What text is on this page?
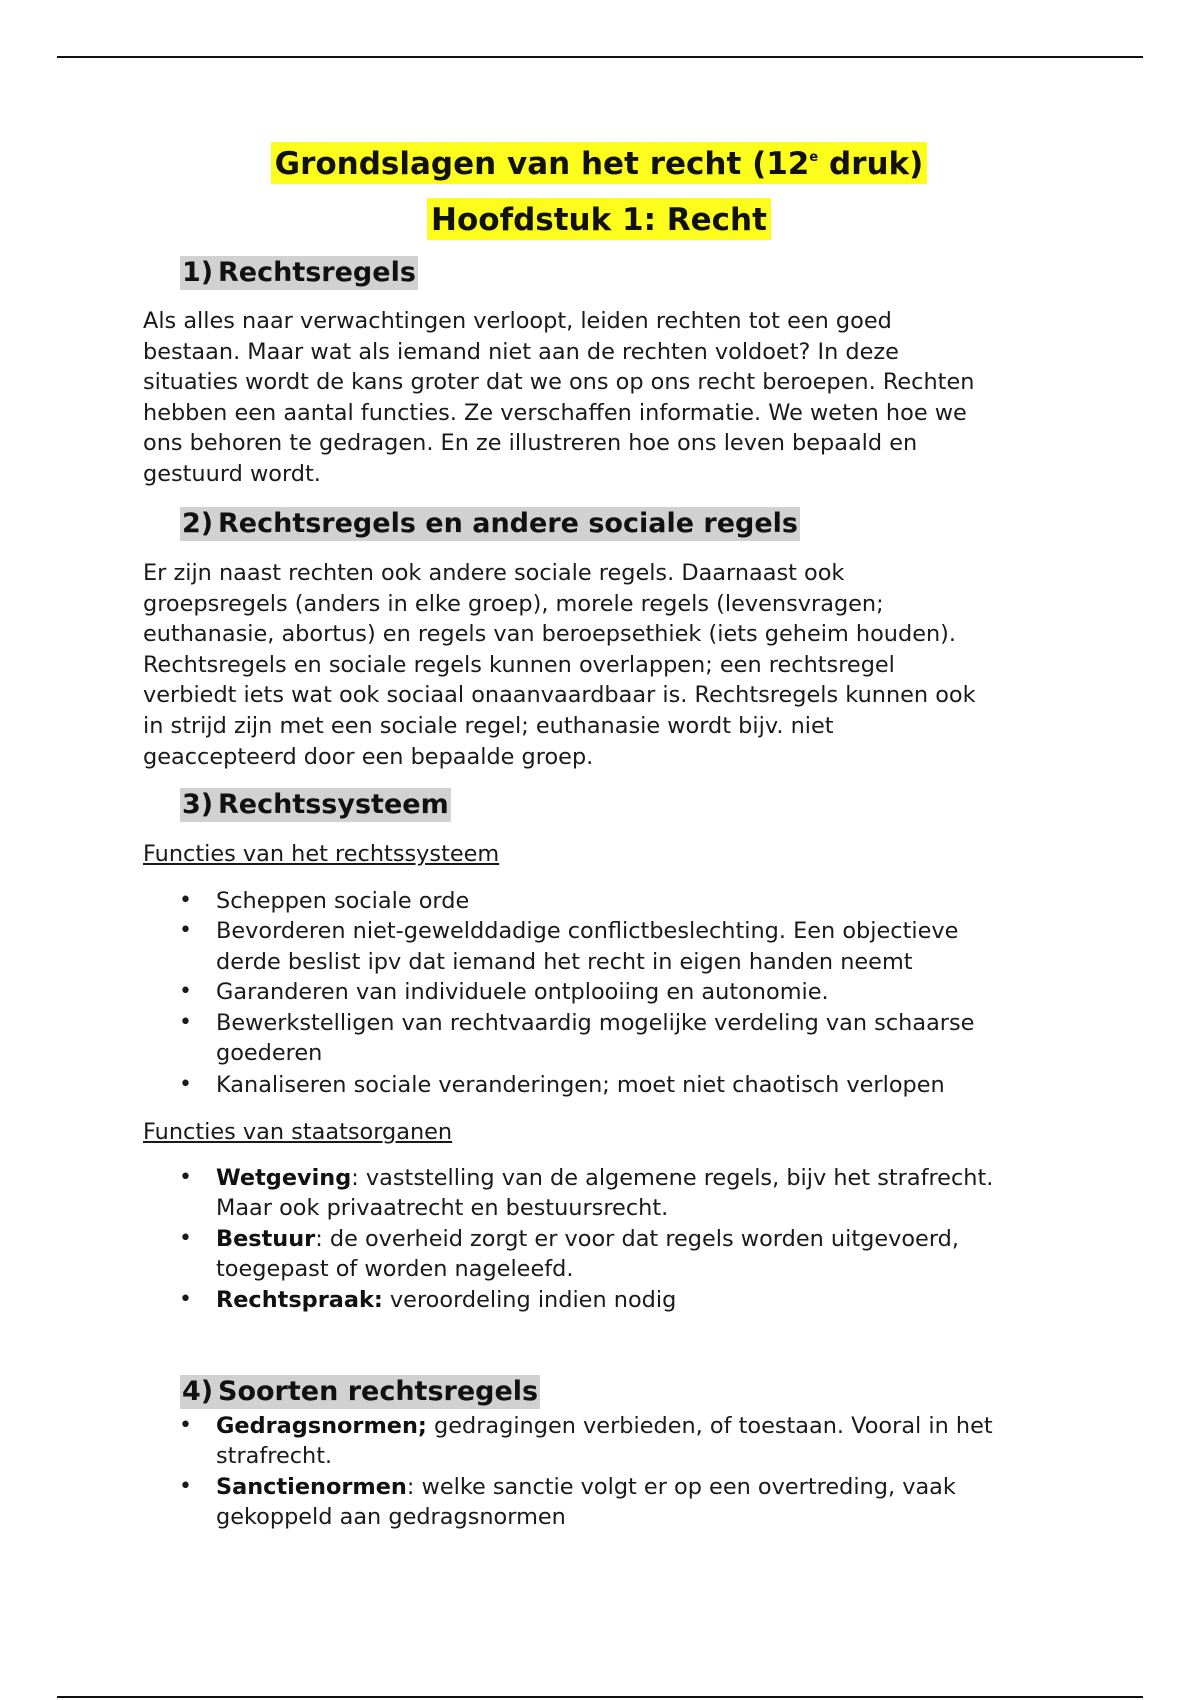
Grondslagen van het recht (12e druk)
Hoofdstuk 1: Recht
1) Rechtsregels
Als alles naar verwachtingen verloopt, leiden rechten tot een goed
bestaan. Maar wat als iemand niet aan de rechten voldoet? In deze
situaties wordt de kans groter dat we ons op ons recht beroepen. Rechten
hebben een aantal functies. Ze verschaffen informatie. We weten hoe we
ons behoren te gedragen. En ze illustreren hoe ons leven bepaald en
gestuurd wordt.
2) Rechtsregels en andere sociale regels
Er zijn naast rechten ook andere sociale regels. Daarnaast ook
groepsregels (anders in elke groep), morele regels (levensvragen;
euthanasie, abortus) en regels van beroepsethiek (iets geheim houden).
Rechtsregels en sociale regels kunnen overlappen; een rechtsregel
verbiedt iets wat ook sociaal onaanvaardbaar is. Rechtsregels kunnen ook
in strijd zijn met een sociale regel; euthanasie wordt bijv. niet
geaccepteerd door een bepaalde groep.
3) Rechtssysteem
Functies van het rechtssysteem
• Scheppen sociale orde
• Bevorderen niet-gewelddadige conflictbeslechting. Een objectieve
derde beslist ipv dat iemand het recht in eigen handen neemt
• Garanderen van individuele ontplooiing en autonomie.
• Bewerkstelligen van rechtvaardig mogelijke verdeling van schaarse
goederen
• Kanaliseren sociale veranderingen; moet niet chaotisch verlopen
Functies van staatsorganen
• Wetgeving: vaststelling van de algemene regels, bijv het strafrecht.
Maar ook privaatrecht en bestuursrecht.
• Bestuur: de overheid zorgt er voor dat regels worden uitgevoerd,
toegepast of worden nageleefd.
• Rechtspraak: veroordeling indien nodig
4) Soorten rechtsregels
• Gedragsnormen; gedragingen verbieden, of toestaan. Vooral in het
strafrecht.
• Sanctienormen: welke sanctie volgt er op een overtreding, vaak
gekoppeld aan gedragsnormen
